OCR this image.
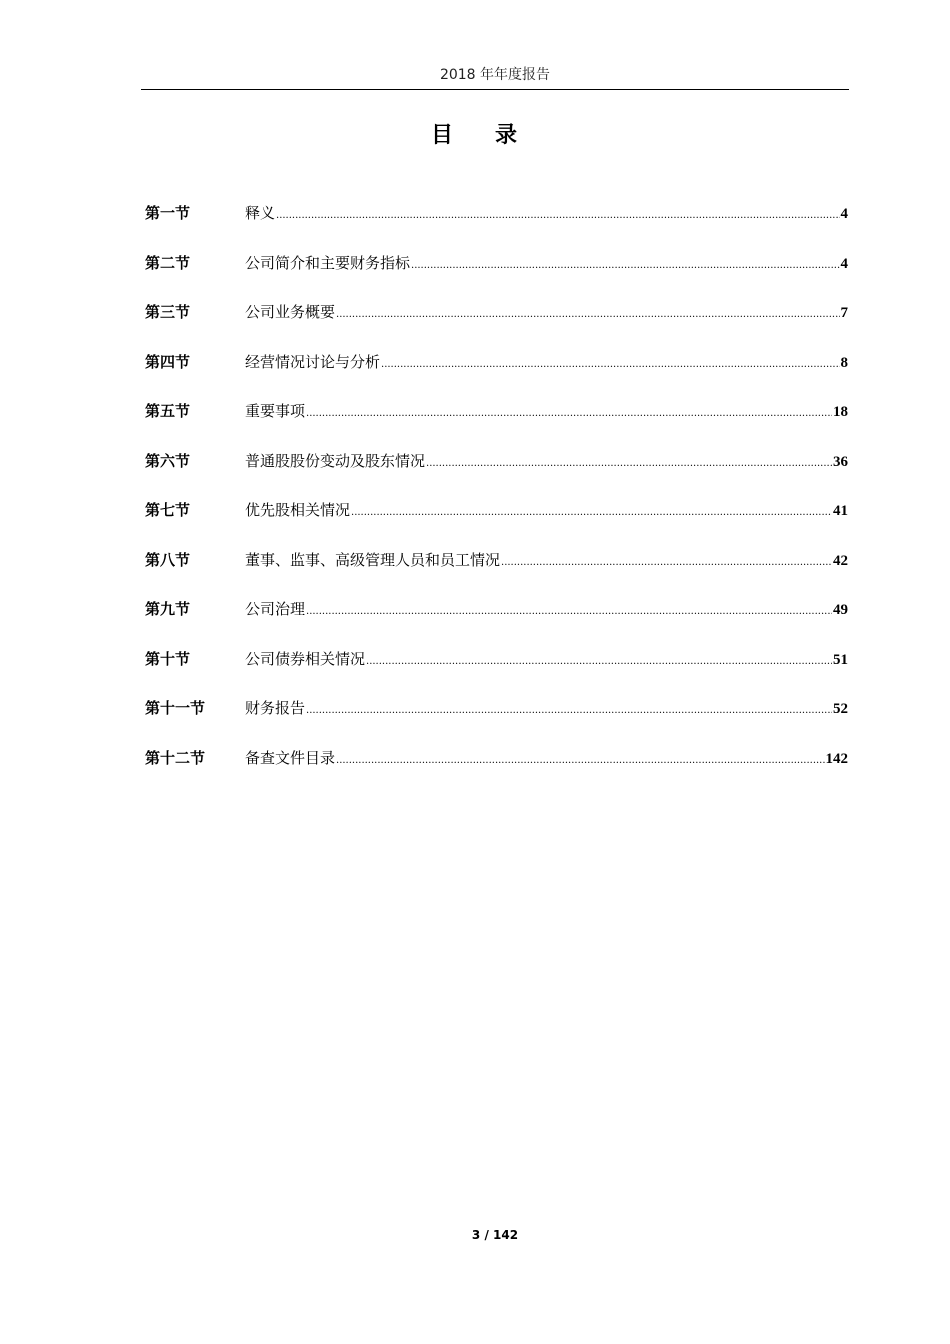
2018 年年度报告
目录
第一节	释义 .....	4
第二节	公司简介和主要财务指标 .....	4
第三节	公司业务概要 .....	7
第四节	经营情况讨论与分析 .....	8
第五节	重要事项 .....	18
第六节	普通股股份变动及股东情况 .....	36
第七节	优先股相关情况 .....	41
第八节	董事、监事、高级管理人员和员工情况 .....	42
第九节	公司治理 .....	49
第十节	公司债券相关情况 .....	51
第十一节	财务报告 .....	52
第十二节	备查文件目录 .....	142
3 / 142
